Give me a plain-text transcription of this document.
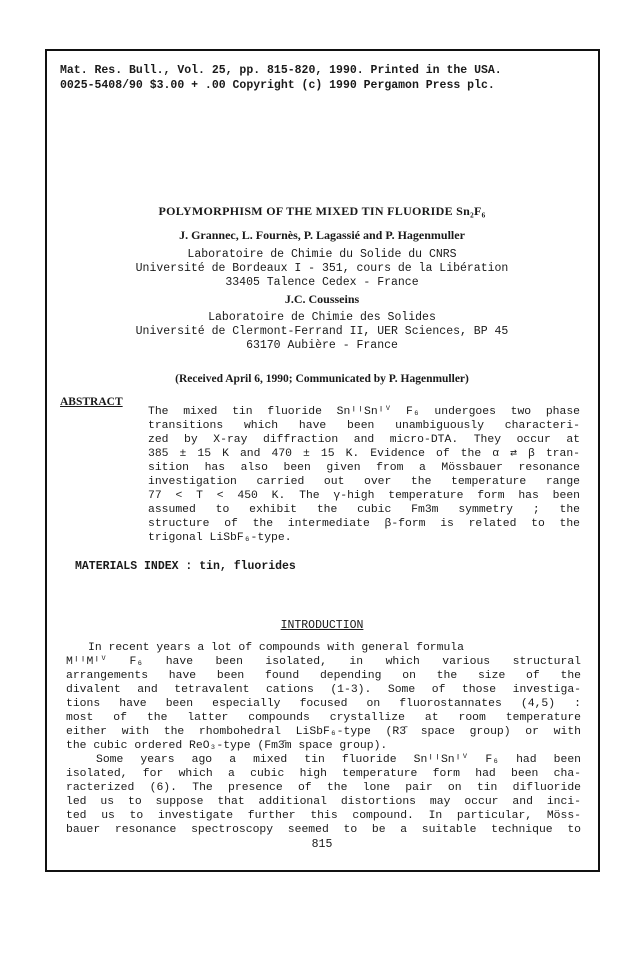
Mat. Res. Bull., Vol. 25, pp. 815-820, 1990. Printed in the USA.
0025-5408/90 $3.00 + .00 Copyright (c) 1990 Pergamon Press plc.
POLYMORPHISM OF THE MIXED TIN FLUORIDE Sn₂F₆
J. Grannec, L. Fournès, P. Lagassié and P. Hagenmuller
Laboratoire de Chimie du Solide du CNRS
Université de Bordeaux I - 351, cours de la Libération
33405 Talence Cedex - France
J.C. Cousseins
Laboratoire de Chimie des Solides
Université de Clermont-Ferrand II, UER Sciences, BP 45
63170 Aubière - France
(Received April 6, 1990; Communicated by P. Hagenmuller)
ABSTRACT
The mixed tin fluoride SnᴵᴵSnᴵⱽ F₆ undergoes two phase
transitions which have been unambiguously characteri-
zed by X-ray diffraction and micro-DTA. They occur at
385 ± 15 K and 470 ± 15 K. Evidence of the α ⇄ β tran-
sition has also been given from a Mössbauer resonance
investigation carried out over the temperature range
77 < T < 450 K. The γ-high temperature form has been
assumed to exhibit the cubic Fm3m symmetry ; the
structure of the intermediate β-form is related to the
trigonal LiSbF₆-type.
MATERIALS INDEX : tin, fluorides
INTRODUCTION
In recent years a lot of compounds with general formula
MᴵᴵMᴵⱽ F₆ have been isolated, in which various structural
arrangements have been found depending on the size of the
divalent and tetravalent cations (1-3). Some of those investiga-
tions have been especially focused on fluorostannates (4,5) :
most of the latter compounds crystallize at room temperature
either with the rhombohedral LiSbF₆-type (R3̄ space group) or with
the cubic ordered ReO₃-type (Fm3̄m space group).
Some years ago a mixed tin fluoride SnᴵᴵSnᴵⱽ F₆ had been
isolated, for which a cubic high temperature form had been cha-
racterized (6). The presence of the lone pair on tin difluoride
led us to suppose that additional distortions may occur and inci-
ted us to investigate further this compound. In particular, Möss-
bauer resonance spectroscopy seemed to be a suitable technique to
815
